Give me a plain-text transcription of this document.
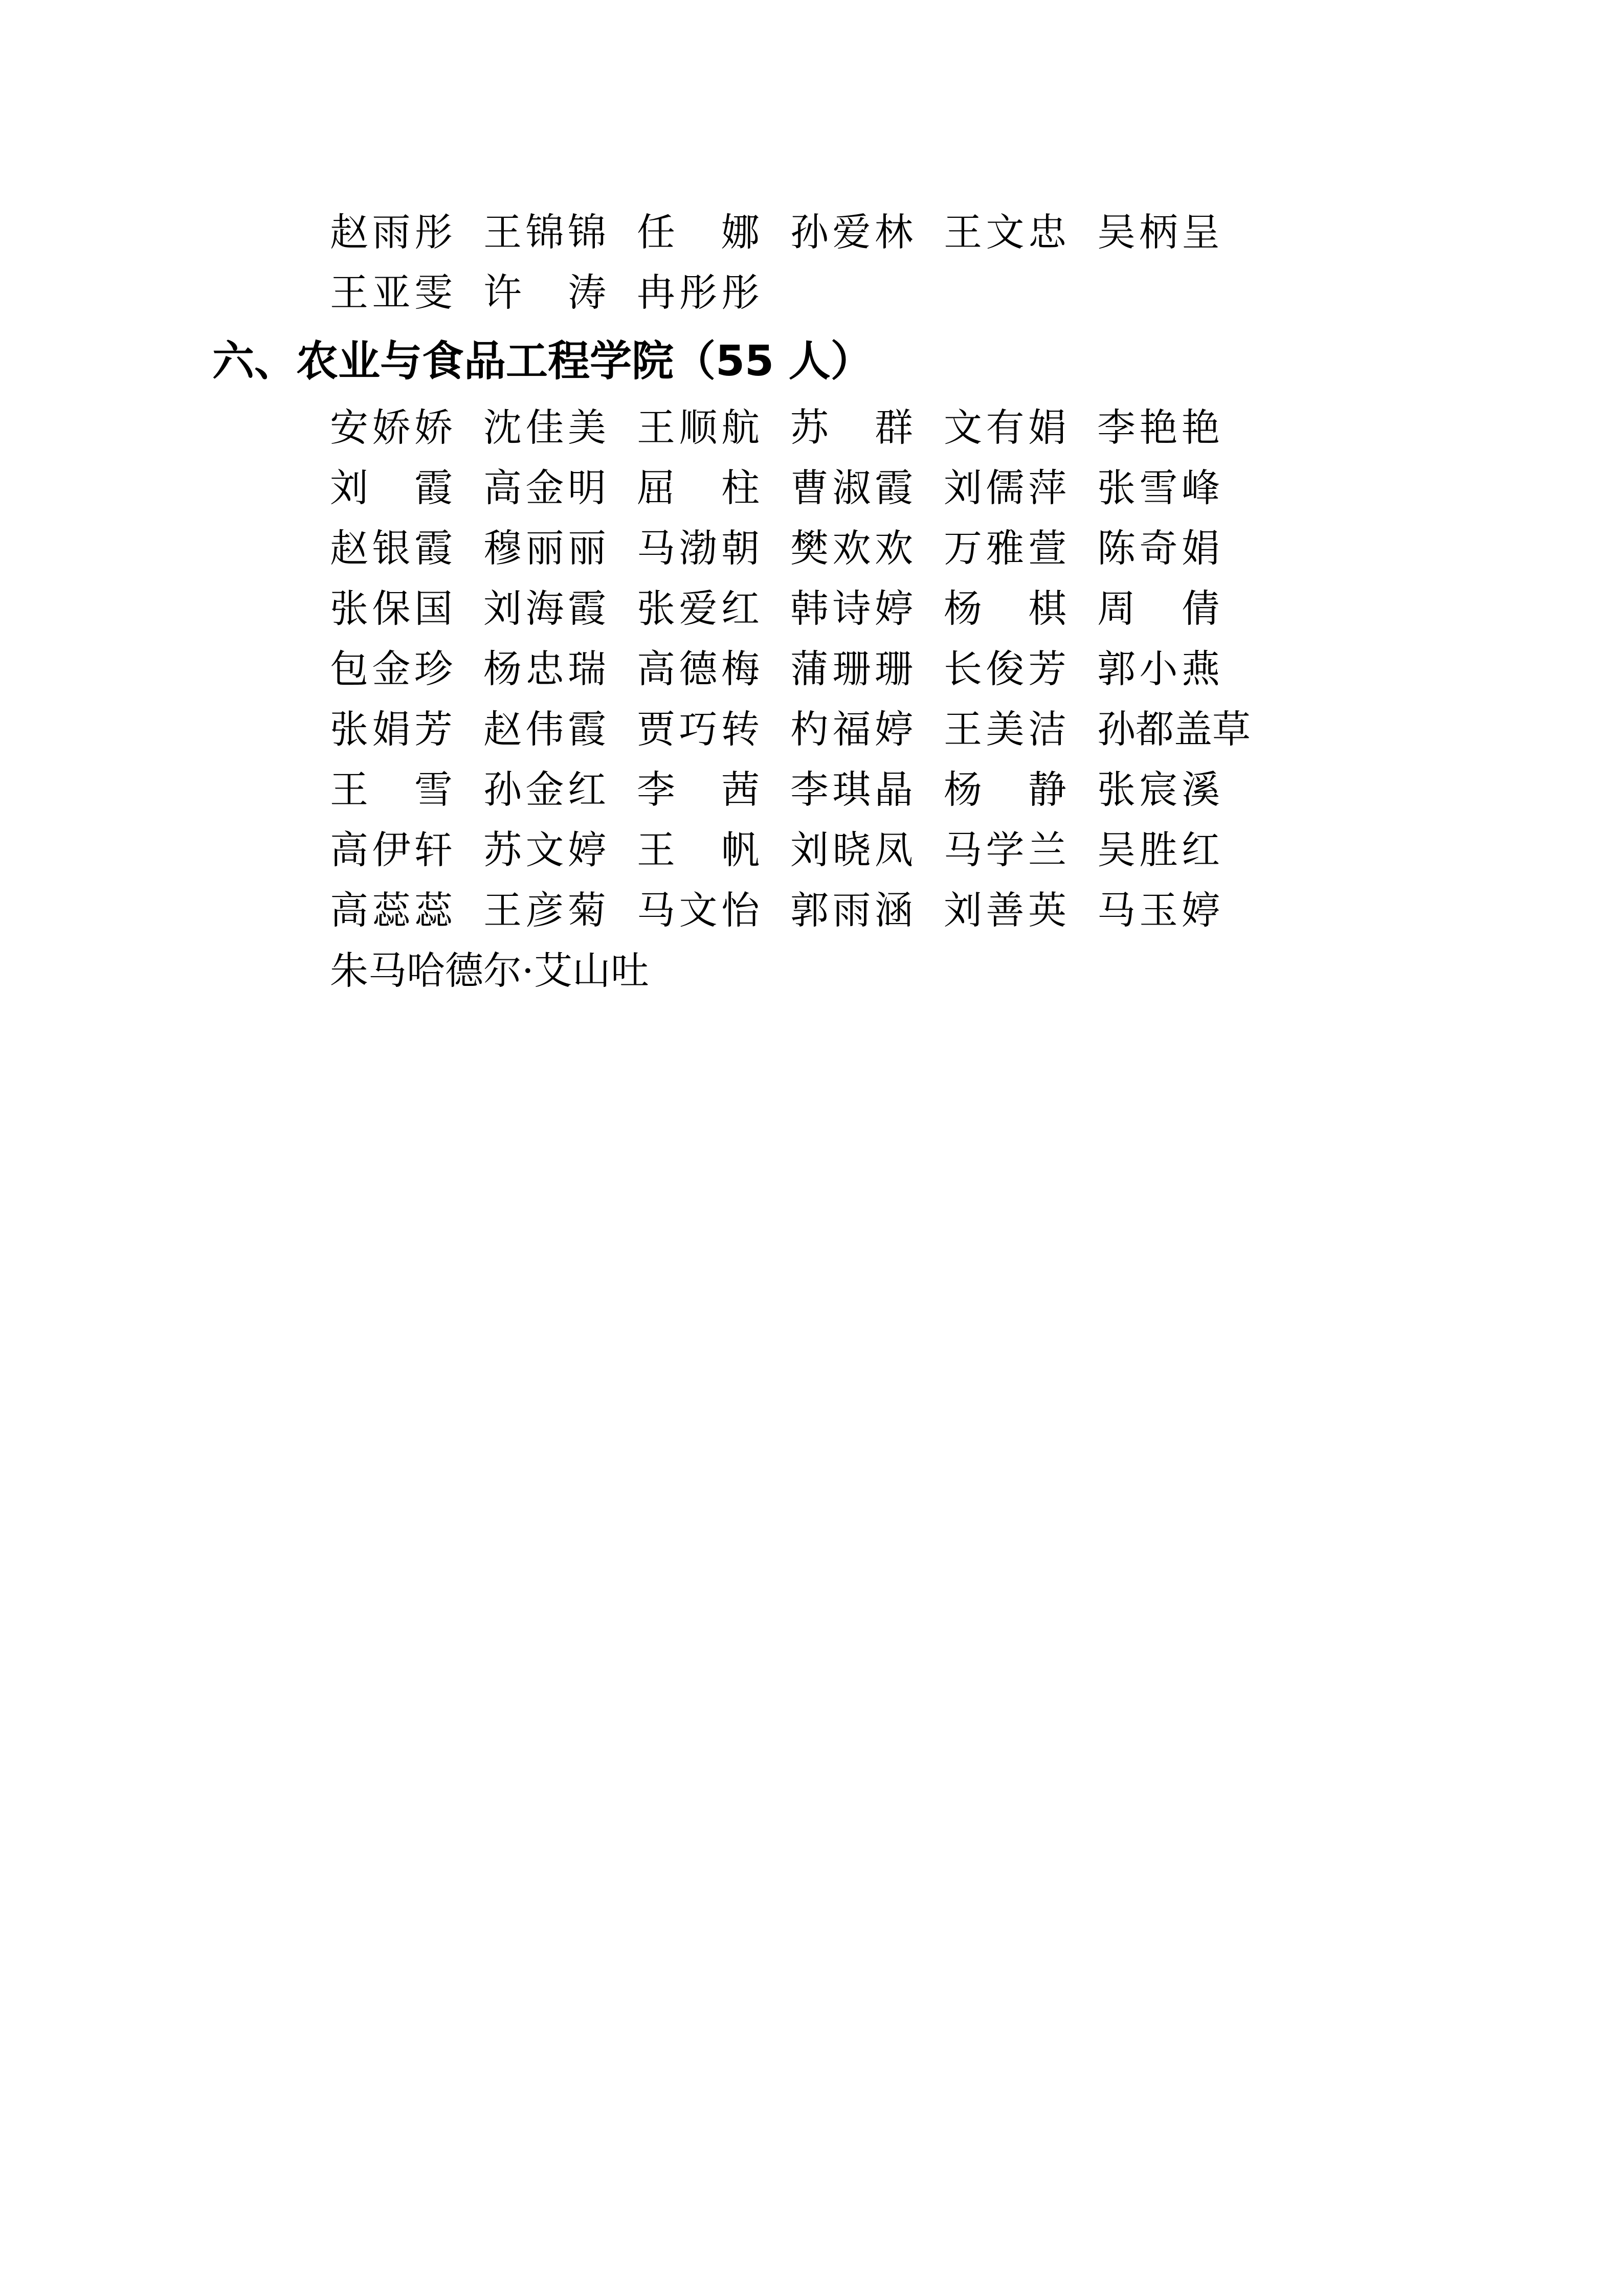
赵雨彤 王锦锦 任娜 孙爱林 王文忠 吴柄呈
王亚雯 许涛 冉彤彤
六、农业与食品工程学院（55 人）
安娇娇 沈佳美 王顺航 苏群 文有娟 李艳艳
刘霞 高金明 屈柱 曹淑霞 刘儒萍 张雪峰
赵银霞 穆丽丽 马渤朝 樊欢欢 万雅萱 陈奇娟
张保国 刘海霞 张爱红 韩诗婷 杨棋 周倩
包金珍 杨忠瑞 高德梅 蒲珊珊 长俊芳 郭小燕
张娟芳 赵伟霞 贾巧转 杓福婷 王美洁 孙都盖草
王雪 孙金红 李茜 李琪晶 杨静 张宸溪
高伊轩 苏文婷 王帆 刘晓凤 马学兰 吴胜红
高蕊蕊 王彦菊 马文怡 郭雨涵 刘善英 马玉婷
朱马哈德尔·艾山吐
